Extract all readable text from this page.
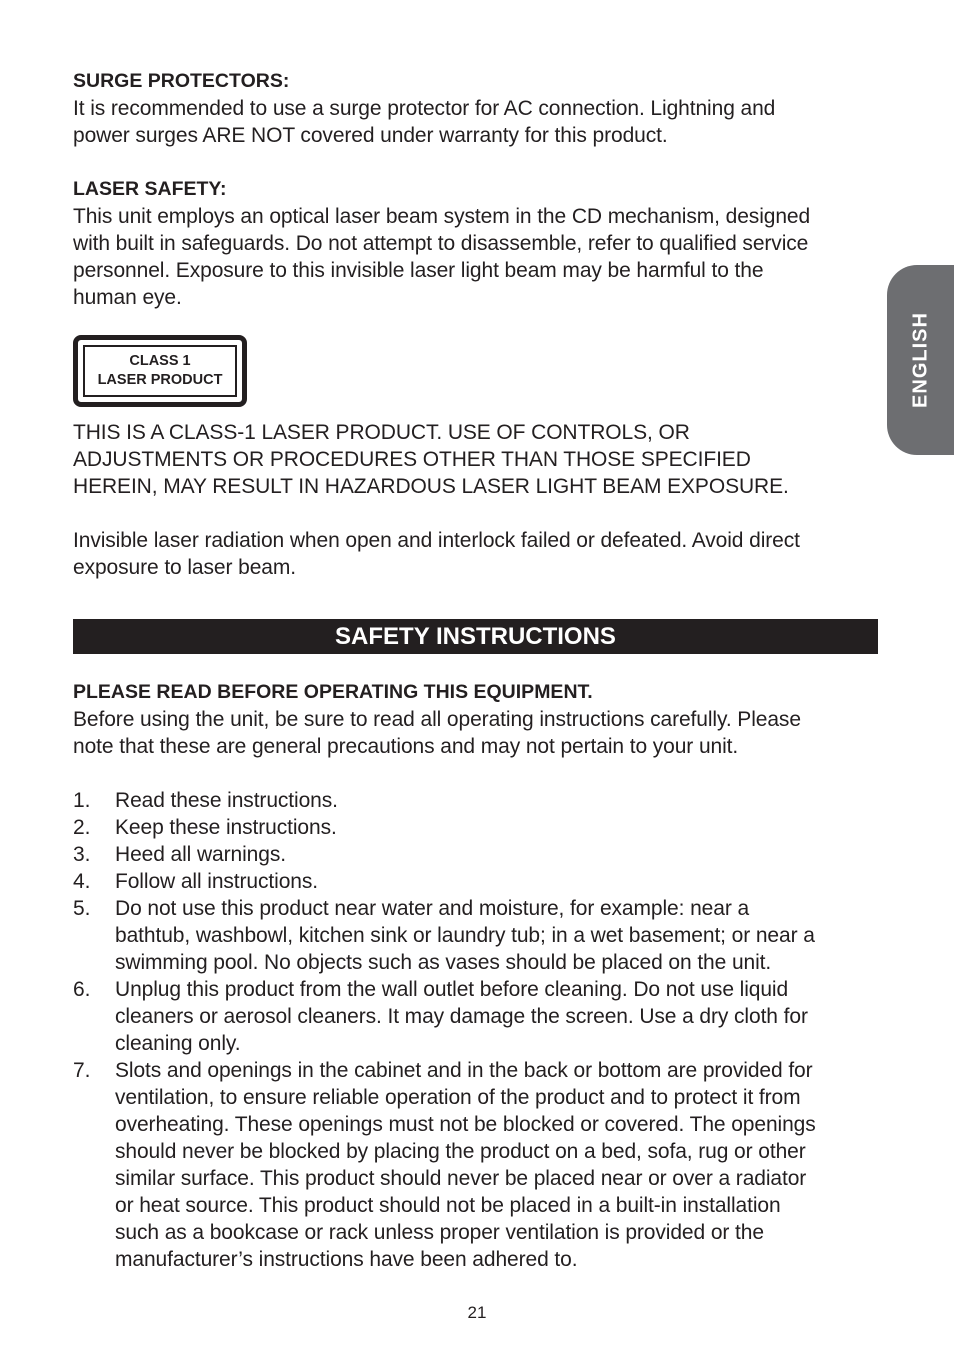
SURGE PROTECTORS:

It is recommended to use a surge protector for AC connection. Lightning and

power surges ARE NOT covered under warranty for this product.

LASER SAFETY:

This unit employs an optical laser beam system in the CD mechanism, designed

with built in safeguards. Do not attempt to disassemble, refer to qualified service

personnel. Exposure to this invisible laser light beam may be harmful to the

human eye.

CLASS 1
LASER PRODUCT

THIS IS A CLASS-1 LASER PRODUCT. USE OF CONTROLS, OR

ADJUSTMENTS OR PROCEDURES OTHER THAN THOSE SPECIFIED

HEREIN, MAY RESULT IN HAZARDOUS LASER LIGHT BEAM EXPOSURE.

Invisible laser radiation when open and interlock failed or defeated. Avoid direct

exposure to laser beam.

SAFETY INSTRUCTIONS

PLEASE READ BEFORE OPERATING THIS EQUIPMENT.

Before using the unit, be sure to read all operating instructions carefully. Please

note that these are general precautions and may not pertain to your unit.

1.	Read these instructions.
2.	Keep these instructions.
3.	Heed all warnings.
4.	Follow all instructions.
5.	Do not use this product near water and moisture, for example: near a
bathtub, washbowl, kitchen sink or laundry tub; in a wet basement; or near a
swimming pool. No objects such as vases should be placed on the unit.
6.	Unplug this product from the wall outlet before cleaning. Do not use liquid
cleaners or aerosol cleaners. It may damage the screen. Use a dry cloth for
cleaning only.
7.	Slots and openings in the cabinet and in the back or bottom are provided for
ventilation, to ensure reliable operation of the product and to protect it from
overheating. These openings must not be blocked or covered. The openings
should never be blocked by placing the product on a bed, sofa, rug or other
similar surface. This product should never be placed near or over a radiator
or heat source. This product should not be placed in a built-in installation
such as a bookcase or rack unless proper ventilation is provided or the
manufacturer’s instructions have been adhered to.
ENGLISH
21
